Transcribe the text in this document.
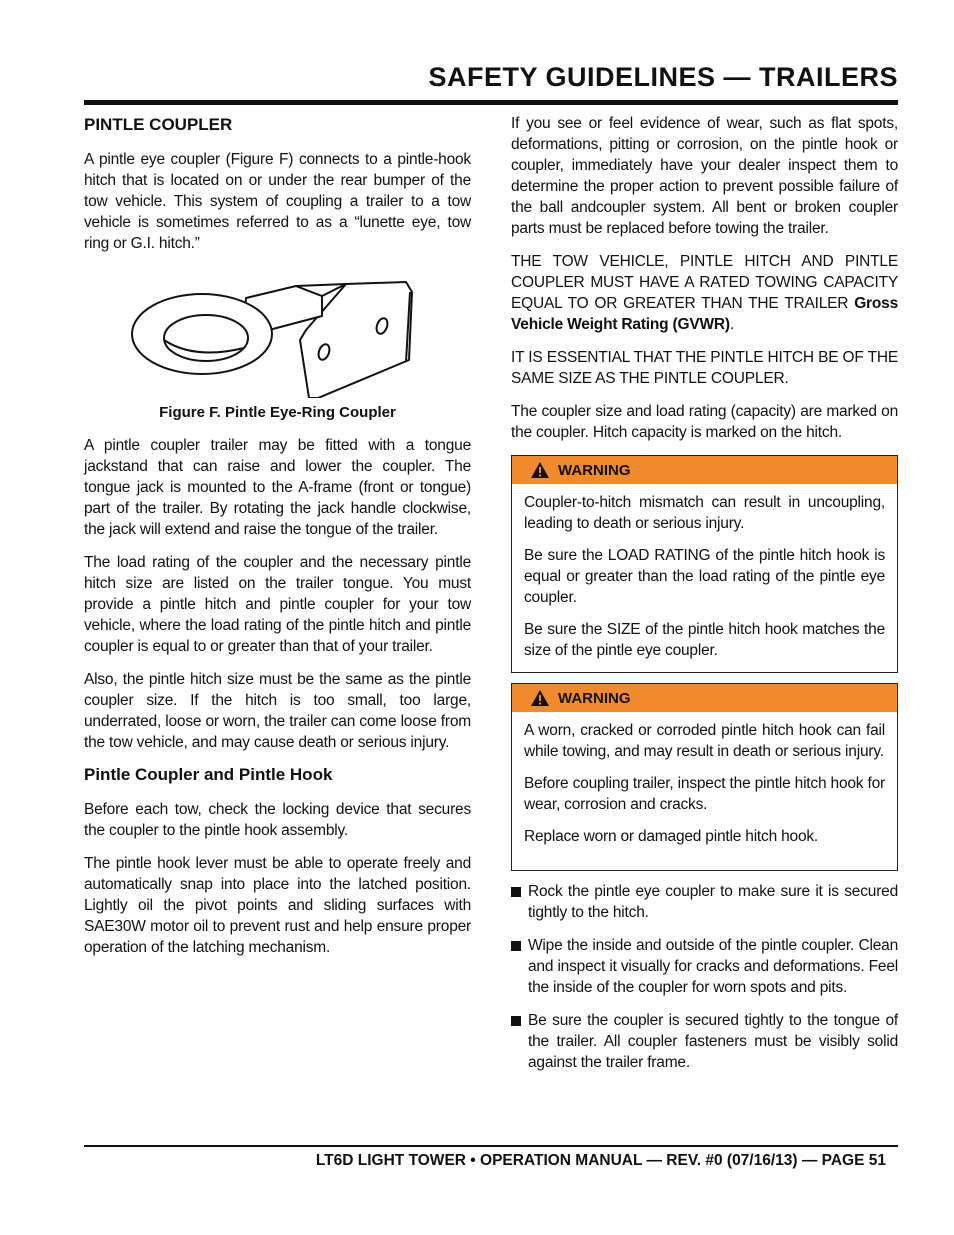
SAFETY GUIDELINES — TRAILERS
PINTLE COUPLER

A pintle eye coupler (Figure F) connects to a pintle-hook hitch that is located on or under the rear bumper of the tow vehicle. This system of coupling a trailer to a tow vehicle is sometimes referred to as a “lunette eye, tow ring or G.I. hitch.”

Figure F. Pintle Eye-Ring Coupler

A pintle coupler trailer may be fitted with a tongue jackstand that can raise and lower the coupler. The tongue jack is mounted to the A-frame (front or tongue) part of the trailer. By rotating the jack handle clockwise, the jack will extend and raise the tongue of the trailer.

The load rating of the coupler and the necessary pintle hitch size are listed on the trailer tongue. You must provide a pintle hitch and pintle coupler for your tow vehicle, where the load rating of the pintle hitch and pintle coupler is equal to or greater than that of your trailer.

Also, the pintle hitch size must be the same as the pintle coupler size. If the hitch is too small, too large, underrated, loose or worn, the trailer can come loose from the tow vehicle, and may cause death or serious injury.

Pintle Coupler and Pintle Hook

Before each tow, check the locking device that secures the coupler to the pintle hook assembly.

The pintle hook lever must be able to operate freely and automatically snap into place into the latched position. Lightly oil the pivot points and sliding surfaces with SAE30W motor oil to prevent rust and help ensure proper operation of the latching mechanism.

If you see or feel evidence of wear, such as flat spots, deformations, pitting or corrosion, on the pintle hook or coupler, immediately have your dealer inspect them to determine the proper action to prevent possible failure of the ball andcoupler system. All bent or broken coupler parts must be replaced before towing the trailer.

THE TOW VEHICLE, PINTLE HITCH AND PINTLE COUPLER MUST HAVE A RATED TOWING CAPACITY EQUAL TO OR GREATER THAN THE TRAILER Gross Vehicle Weight Rating (GVWR).

IT IS ESSENTIAL THAT THE PINTLE HITCH BE OF THE SAME SIZE AS THE PINTLE COUPLER.

The coupler size and load rating (capacity) are marked on the coupler. Hitch capacity is marked on the hitch.

WARNING

Coupler-to-hitch mismatch can result in uncoupling, leading to death or serious injury.

Be sure the LOAD RATING of the pintle hitch hook is equal or greater than the load rating of the pintle eye coupler.

Be sure the SIZE of the pintle hitch hook matches the size of the pintle eye coupler.

WARNING

A worn, cracked or corroded pintle hitch hook can fail while towing, and may result in death or serious injury.

Before coupling trailer, inspect the pintle hitch hook for wear, corrosion and cracks.

Replace worn or damaged pintle hitch hook.

Rock the pintle eye coupler to make sure it is secured tightly to the hitch.

Wipe the inside and outside of the pintle coupler. Clean and inspect it visually for cracks and deformations. Feel the inside of the coupler for worn spots and pits.

Be sure the coupler is secured tightly to the tongue of the trailer. All coupler fasteners must be visibly solid against the trailer frame.

LT6D LIGHT TOWER • OPERATION MANUAL — REV. #0 (07/16/13) — PAGE 51
